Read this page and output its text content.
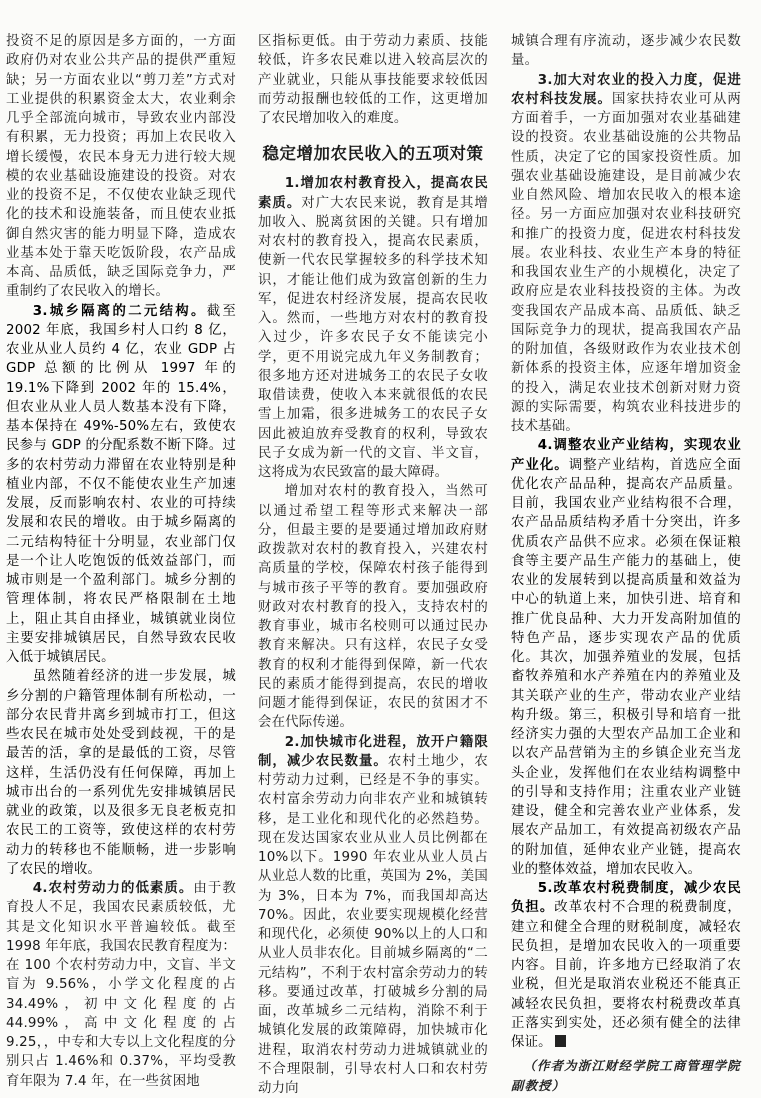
投资不足的原因是多方面的，一方面政府仍对农业公共产品的提供严重短缺；另一方面农业以“剪刀差”方式对工业提供的积累资金太大，农业剩余几乎全部流向城市，导致农业内部没有积累，无力投资；再加上农民收入增长缓慢，农民本身无力进行较大规模的农业基础设施建设的投资。对农业的投资不足，不仅使农业缺乏现代化的技术和设施装备，而且使农业抵御自然灾害的能力明显下降，造成农业基本处于靠天吃饭阶段，农产品成本高、品质低，缺乏国际竞争力，严重制约了农民收入的增长。

3.城乡隔离的二元结构。截至 2002 年底，我国乡村人口约 8 亿，农业从业人员约 4 亿，农业 GDP 占 GDP 总额的比例从 1997 年的 19.1%下降到 2002 年的 15.4%，但农业从业人员人数基本没有下降，基本保持在 49%-50%左右，致使农民参与 GDP 的分配系数不断下降。过多的农村劳动力滞留在农业特别是种植业内部，不仅不能使农业生产加速发展，反而影响农村、农业的可持续发展和农民的增收。由于城乡隔离的二元结构特征十分明显，农业部门仅是一个让人吃饱饭的低效益部门，而城市则是一个盈利部门。城乡分割的管理体制，将农民严格限制在土地上，阻止其自由择业，城镇就业岗位主要安排城镇居民，自然导致农民收入低于城镇居民。

虽然随着经济的进一步发展，城乡分割的户籍管理体制有所松动，一部分农民背井离乡到城市打工，但这些农民在城市处处受到歧视，干的是最苦的活，拿的是最低的工资，尽管这样，生活仍没有任何保障，再加上城市出台的一系列优先安排城镇居民就业的政策，以及很多无良老板克扣农民工的工资等，致使这样的农村劳动力的转移也不能顺畅，进一步影响了农民的增收。

4.农村劳动力的低素质。由于教育投人不足，我国农民素质较低，尤其是文化知识水平普遍较低。截至 1998 年年底，我国农民教育程度为：在 100 个农村劳动力中，文盲、半文盲为 9.56%，小学文化程度的占 34.49%，初中文化程度的占 44.99%，高中文化程度的占 9.25，，中专和大专以上文化程度的分别只占 1.46%和 0.37%，平均受教育年限为 7.4 年，在一些贫困地

区指标更低。由于劳动力素质、技能较低，许多农民难以进入较高层次的产业就业，只能从事技能要求较低因而劳动报酬也较低的工作，这更增加了农民增加收入的难度。

稳定增加农民收入的五项对策

1.增加农村教育投入，提高农民素质。对广大农民来说，教育是其增加收入、脱离贫困的关键。只有增加对农村的教育投入，提高农民素质，使新一代农民掌握较多的科学技术知识，才能让他们成为致富创新的生力军，促进农村经济发展，提高农民收入。然而，一些地方对农村的教育投入过少，许多农民子女不能读完小学，更不用说完成九年义务制教育；很多地方还对进城务工的农民子女收取借读费，使收入本来就很低的农民雪上加霜，很多进城务工的农民子女因此被迫放弃受教育的权利，导致农民子女成为新一代的文盲、半文盲，这将成为农民致富的最大障碍。

增加对农村的教育投入，当然可以通过希望工程等形式来解决一部分，但最主要的是要通过增加政府财政拨款对农村的教育投入，兴建农村高质量的学校，保障农村孩子能得到与城市孩子平等的教育。要加强政府财政对农村教育的投入，支持农村的教育事业，城市名校则可以通过民办教育来解决。只有这样，农民子女受教育的权利才能得到保障，新一代农民的素质才能得到提高，农民的增收问题才能得到保证，农民的贫困才不会在代际传递。

2.加快城市化进程，放开户籍限制，减少农民数量。农村土地少，农村劳动力过剩，已经是不争的事实。农村富余劳动力向非农产业和城镇转移，是工业化和现代化的必然趋势。现在发达国家农业从业人员比例都在 10%以下。1990 年农业从业人员占从业总人数的比重，英国为 2%，美国为 3%，日本为 7%，而我国却高达 70%。因此，农业要实现规模化经营和现代化，必须使 90%以上的人口和从业人员非农化。目前城乡隔离的“二元结构”，不利于农村富余劳动力的转移。要通过改革，打破城乡分割的局面，改革城乡二元结构，消除不利于城镇化发展的政策障碍，加快城市化进程，取消农村劳动力进城镇就业的不合理限制，引导农村人口和农村劳动力向

城镇合理有序流动，逐步减少农民数量。

3.加大对农业的投入力度，促进农村科技发展。国家扶持农业可从两方面着手，一方面加强对农业基础建设的投资。农业基础设施的公共物品性质，决定了它的国家投资性质。加强农业基础设施建设，是目前减少农业自然风险、增加农民收入的根本途径。另一方面应加强对农业科技研究和推广的投资力度，促进农村科技发展。农业科技、农业生产本身的特征和我国农业生产的小规模化，决定了政府应是农业科技投资的主体。为改变我国农产品成本高、品质低、缺乏国际竞争力的现状，提高我国农产品的附加值，各级财政作为农业技术创新体系的投资主体，应逐年增加资金的投入，满足农业技术创新对财力资源的实际需要，构筑农业科技进步的技术基础。

4.调整农业产业结构，实现农业产业化。调整产业结构，首选应全面优化农产品品种，提高农产品质量。目前，我国农业产业结构很不合理，农产品品质结构矛盾十分突出，许多优质农产品供不应求。必须在保证粮食等主要产品生产能力的基础上，使农业的发展转到以提高质量和效益为中心的轨道上来，加快引进、培育和推广优良品种、大力开发高附加值的特色产品，逐步实现农产品的优质化。其次，加强养殖业的发展，包括畜牧养殖和水产养殖在内的养殖业及其关联产业的生产，带动农业产业结构升级。第三，积极引导和培育一批经济实力强的大型农产品加工企业和以农产品营销为主的乡镇企业充当龙头企业，发挥他们在农业结构调整中的引导和支持作用；注重农业产业链建设，健全和完善农业产业体系，发展农产品加工，有效提高初级农产品的附加值，延伸农业产业链，提高农业的整体效益，增加农民收入。

5.改革农村税费制度，减少农民负担。改革农村不合理的税费制度，建立和健全合理的财税制度，减轻农民负担，是增加农民收入的一项重要内容。目前，许多地方已经取消了农业税，但光是取消农业税还不能真正减轻农民负担，要将农村税费改革真正落实到实处，还必须有健全的法律保证。

（作者为浙江财经学院工商管理学院
副教授）
